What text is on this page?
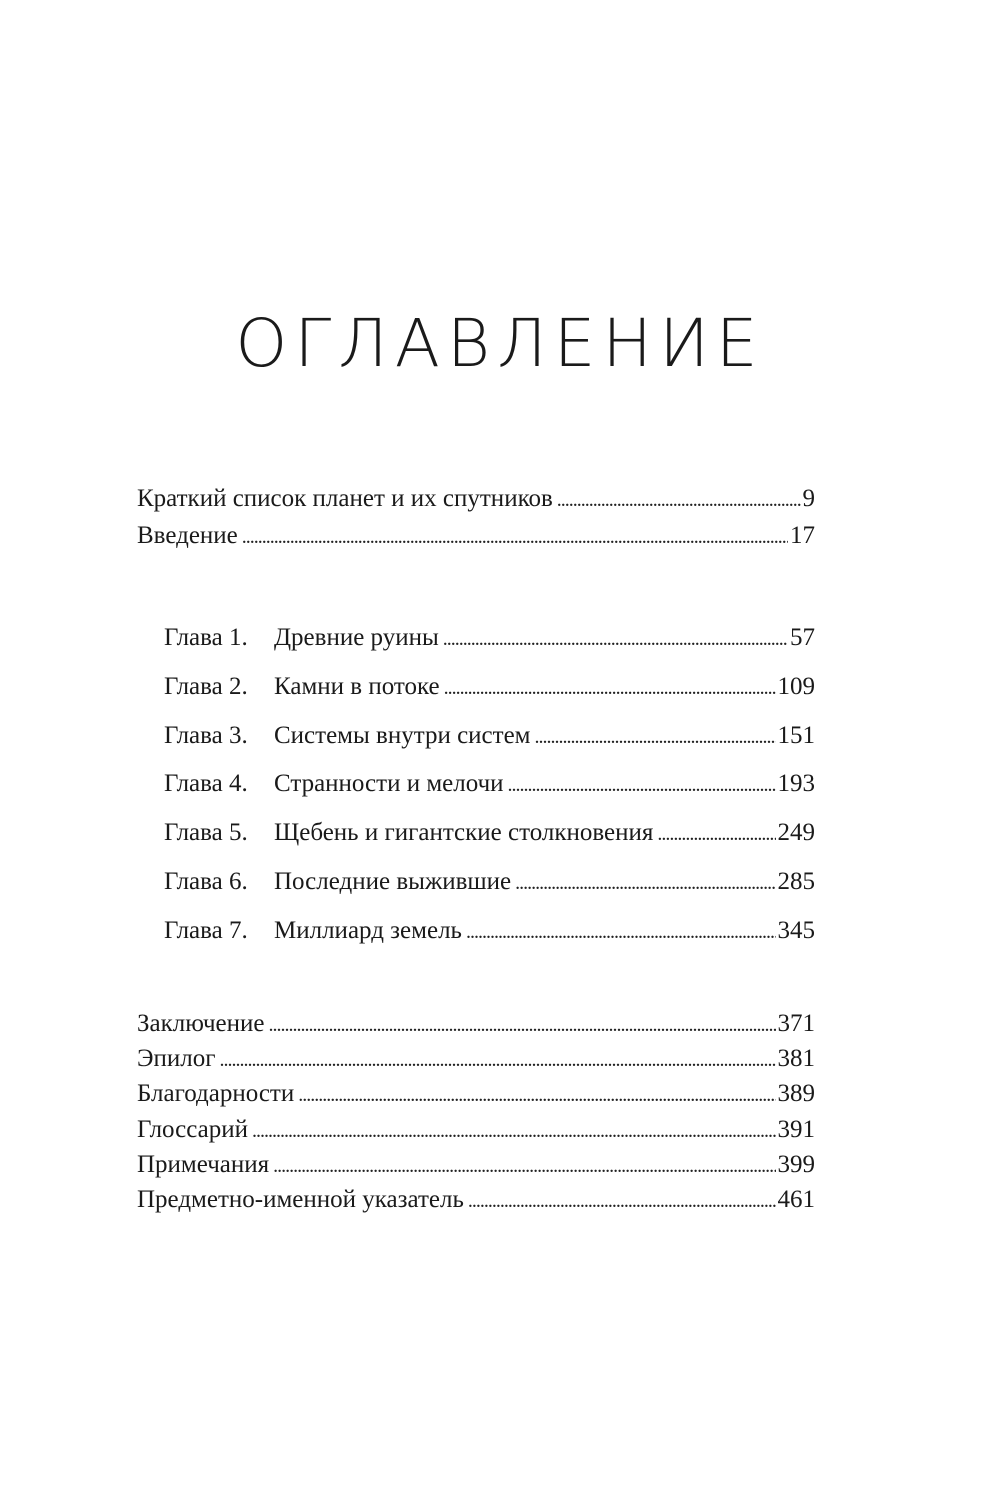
ОГЛАВЛЕНИЕ
Краткий список планет и их спутников . . .	9
Введение . . .	17
Глава 1.	Древние руины . . .	57
Глава 2.	Камни в потоке . . .	109
Глава 3.	Системы внутри систем . . .	151
Глава 4.	Странности и мелочи . . .	193
Глава 5.	Щебень и гигантские столкновения . . .	249
Глава 6.	Последние выжившие . . .	285
Глава 7.	Миллиард земель . . .	345
Заключение . . .	371
Эпилог . . .	381
Благодарности . . .	389
Глоссарий . . .	391
Примечания . . .	399
Предметно-именной указатель . . .	461
